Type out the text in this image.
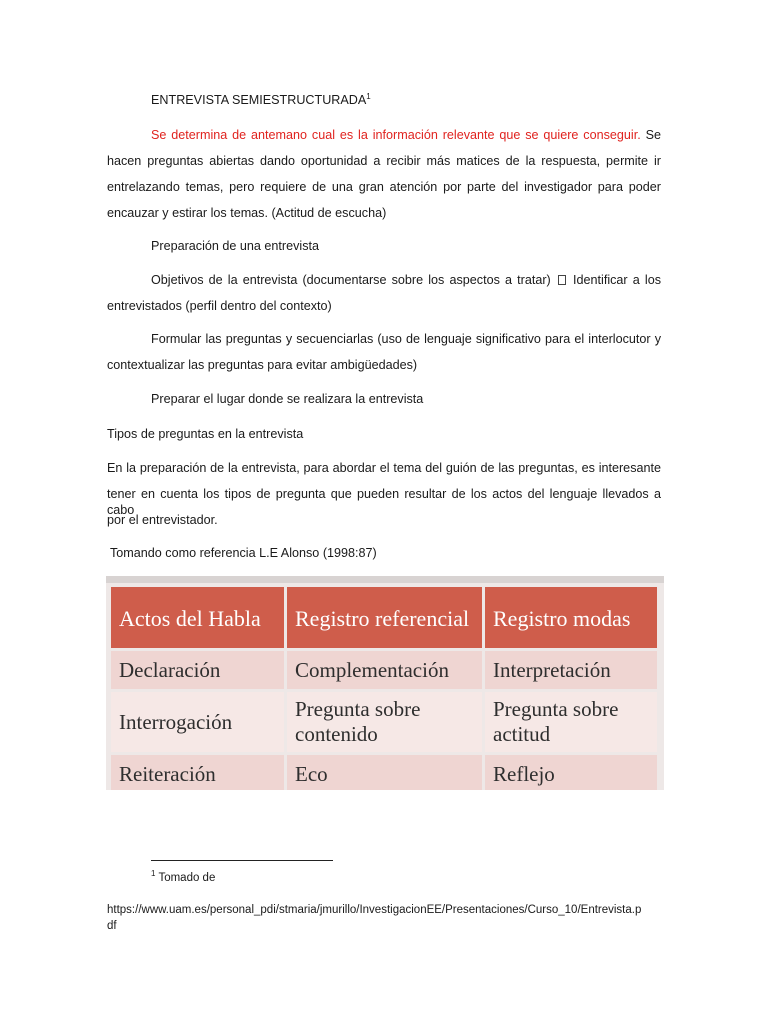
ENTREVISTA SEMIESTRUCTURADA$^1$
Se determina de antemano cual es la información relevante que se quiere conseguir. Se
hacen preguntas abiertas dando oportunidad a recibir más matices de la respuesta, permite ir
entrelazando temas, pero requiere de una gran atención por parte del investigador para poder
encauzar y estirar los temas. (Actitud de escucha)
Preparación de una entrevista
Objetivos de la entrevista (documentarse sobre los aspectos a tratar) Identificar a los
entrevistados (perfil dentro del contexto)
Formular las preguntas y secuenciarlas (uso de lenguaje significativo para el interlocutor y
contextualizar las preguntas para evitar ambigüedades)
Preparar el lugar donde se realizara la entrevista
Tipos de preguntas en la entrevista
En la preparación de la entrevista, para abordar el tema del guión de las preguntas, es interesante
tener en cuenta los tipos de pregunta que pueden resultar de los actos del lenguaje llevados a cabo
por el entrevistador.
Tomando como referencia L.E Alonso (1998:87)
Actos del Habla	Registro referencial	Registro modas
Declaración	Complementación	Interpretación
Interrogación	Pregunta sobre contenido	Pregunta sobre actitud
Reiteración	Eco	Reflejo
$^1$ Tomado de
https://www.uam.es/personal_pdi/stmaria/jmurillo/InvestigacionEE/Presentaciones/Curso_10/Entrevista.p
df
